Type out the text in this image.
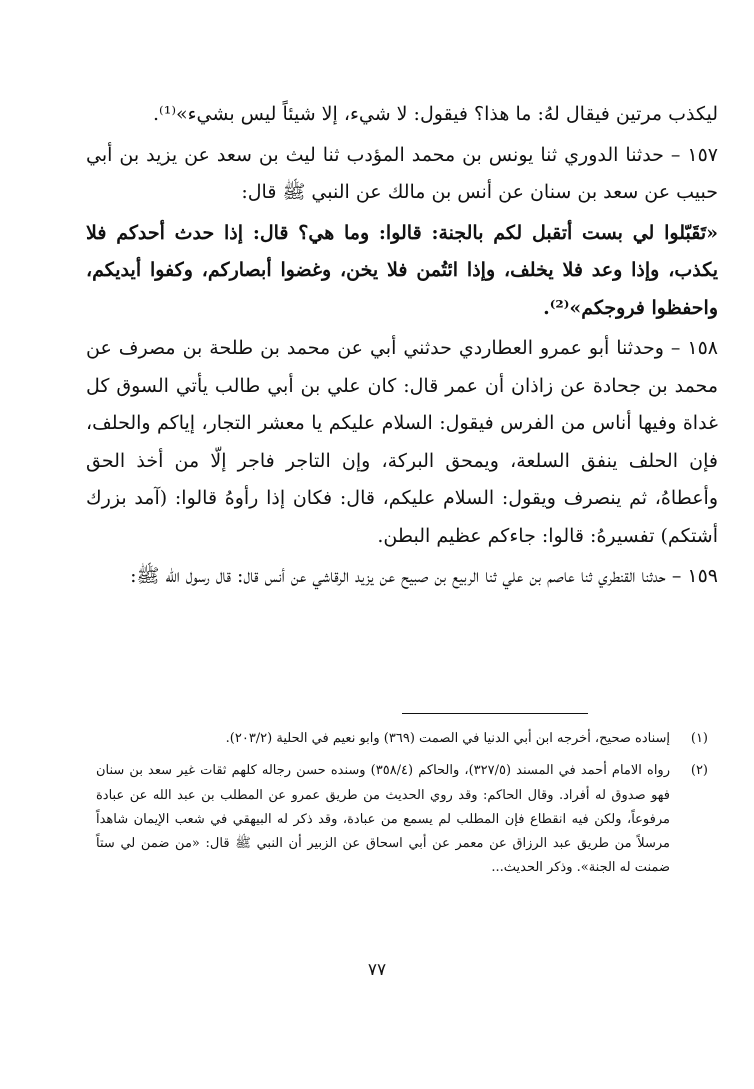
ليكذب مرتين فيقال لهُ: ما هذا؟ فيقول: لا شيء، إلا شيئاً ليس بشيء»⁽¹⁾.

١٥٧ – حدثنا الدوري ثنا يونس بن محمد المؤدب ثنا ليث بن سعد عن يزيد بن أبي حبيب عن سعد بن سنان عن أنس بن مالك عن النبي ﷺ قال:

«تَقَبّلوا لي بست أتقبل لكم بالجنة: قالوا: وما هي؟ قال: إذا حدث أحدكم فلا يكذب، وإذا وعد فلا يخلف، وإذا ائتُمن فلا يخن، وغضوا أبصاركم، وكفوا أيديكم، واحفظوا فروجكم»⁽²⁾.

١٥٨ – وحدثنا أبو عمرو العطاردي حدثني أبي عن محمد بن طلحة بن مصرف عن محمد بن جحادة عن زاذان أن عمر قال: كان علي بن أبي طالب يأتي السوق كل غداة وفيها أناس من الفرس فيقول: السلام عليكم يا معشر التجار، إياكم والحلف، فإن الحلف ينفق السلعة، ويمحق البركة، وإن التاجر فاجر إلّا من أخذ الحق وأعطاهُ، ثم ينصرف ويقول: السلام عليكم، قال: فكان إذا رأوهُ قالوا: (آمد بزرك أشتكم) تفسيرهُ: قالوا: جاءكم عظيم البطن.

١٥٩ – حدثنا القنطري ثنا عاصم بن علي ثنا الربيع بن صبيح عن يزيد الرقاشي عن أنس قال: قال رسول الله ﷺ:

(١)
إسناده صحيح، أخرجه ابن أبي الدنيا في الصمت (٣٦٩) وابو نعيم في الحلية (٢٠٣/٢).
(٢)
رواه الامام أحمد في المسند (٣٢٧/٥)، والحاكم (٣٥٨/٤) وسنده حسن رجاله كلهم ثقات غير سعد بن سنان فهو صدوق له أفراد. وقال الحاكم: وقد روي الحديث من طريق عمرو عن المطلب بن عبد الله عن عبادة مرفوعاً، ولكن فيه انقطاع فإن المطلب لم يسمع من عبادة، وقد ذكر له البيهقي في شعب الإيمان شاهداً مرسلاً من طريق عبد الرزاق عن معمر عن أبي اسحاق عن الزبير أن النبي ﷺ قال: «من ضمن لي ستاً ضمنت له الجنة». وذكر الحديث...
٧٧
